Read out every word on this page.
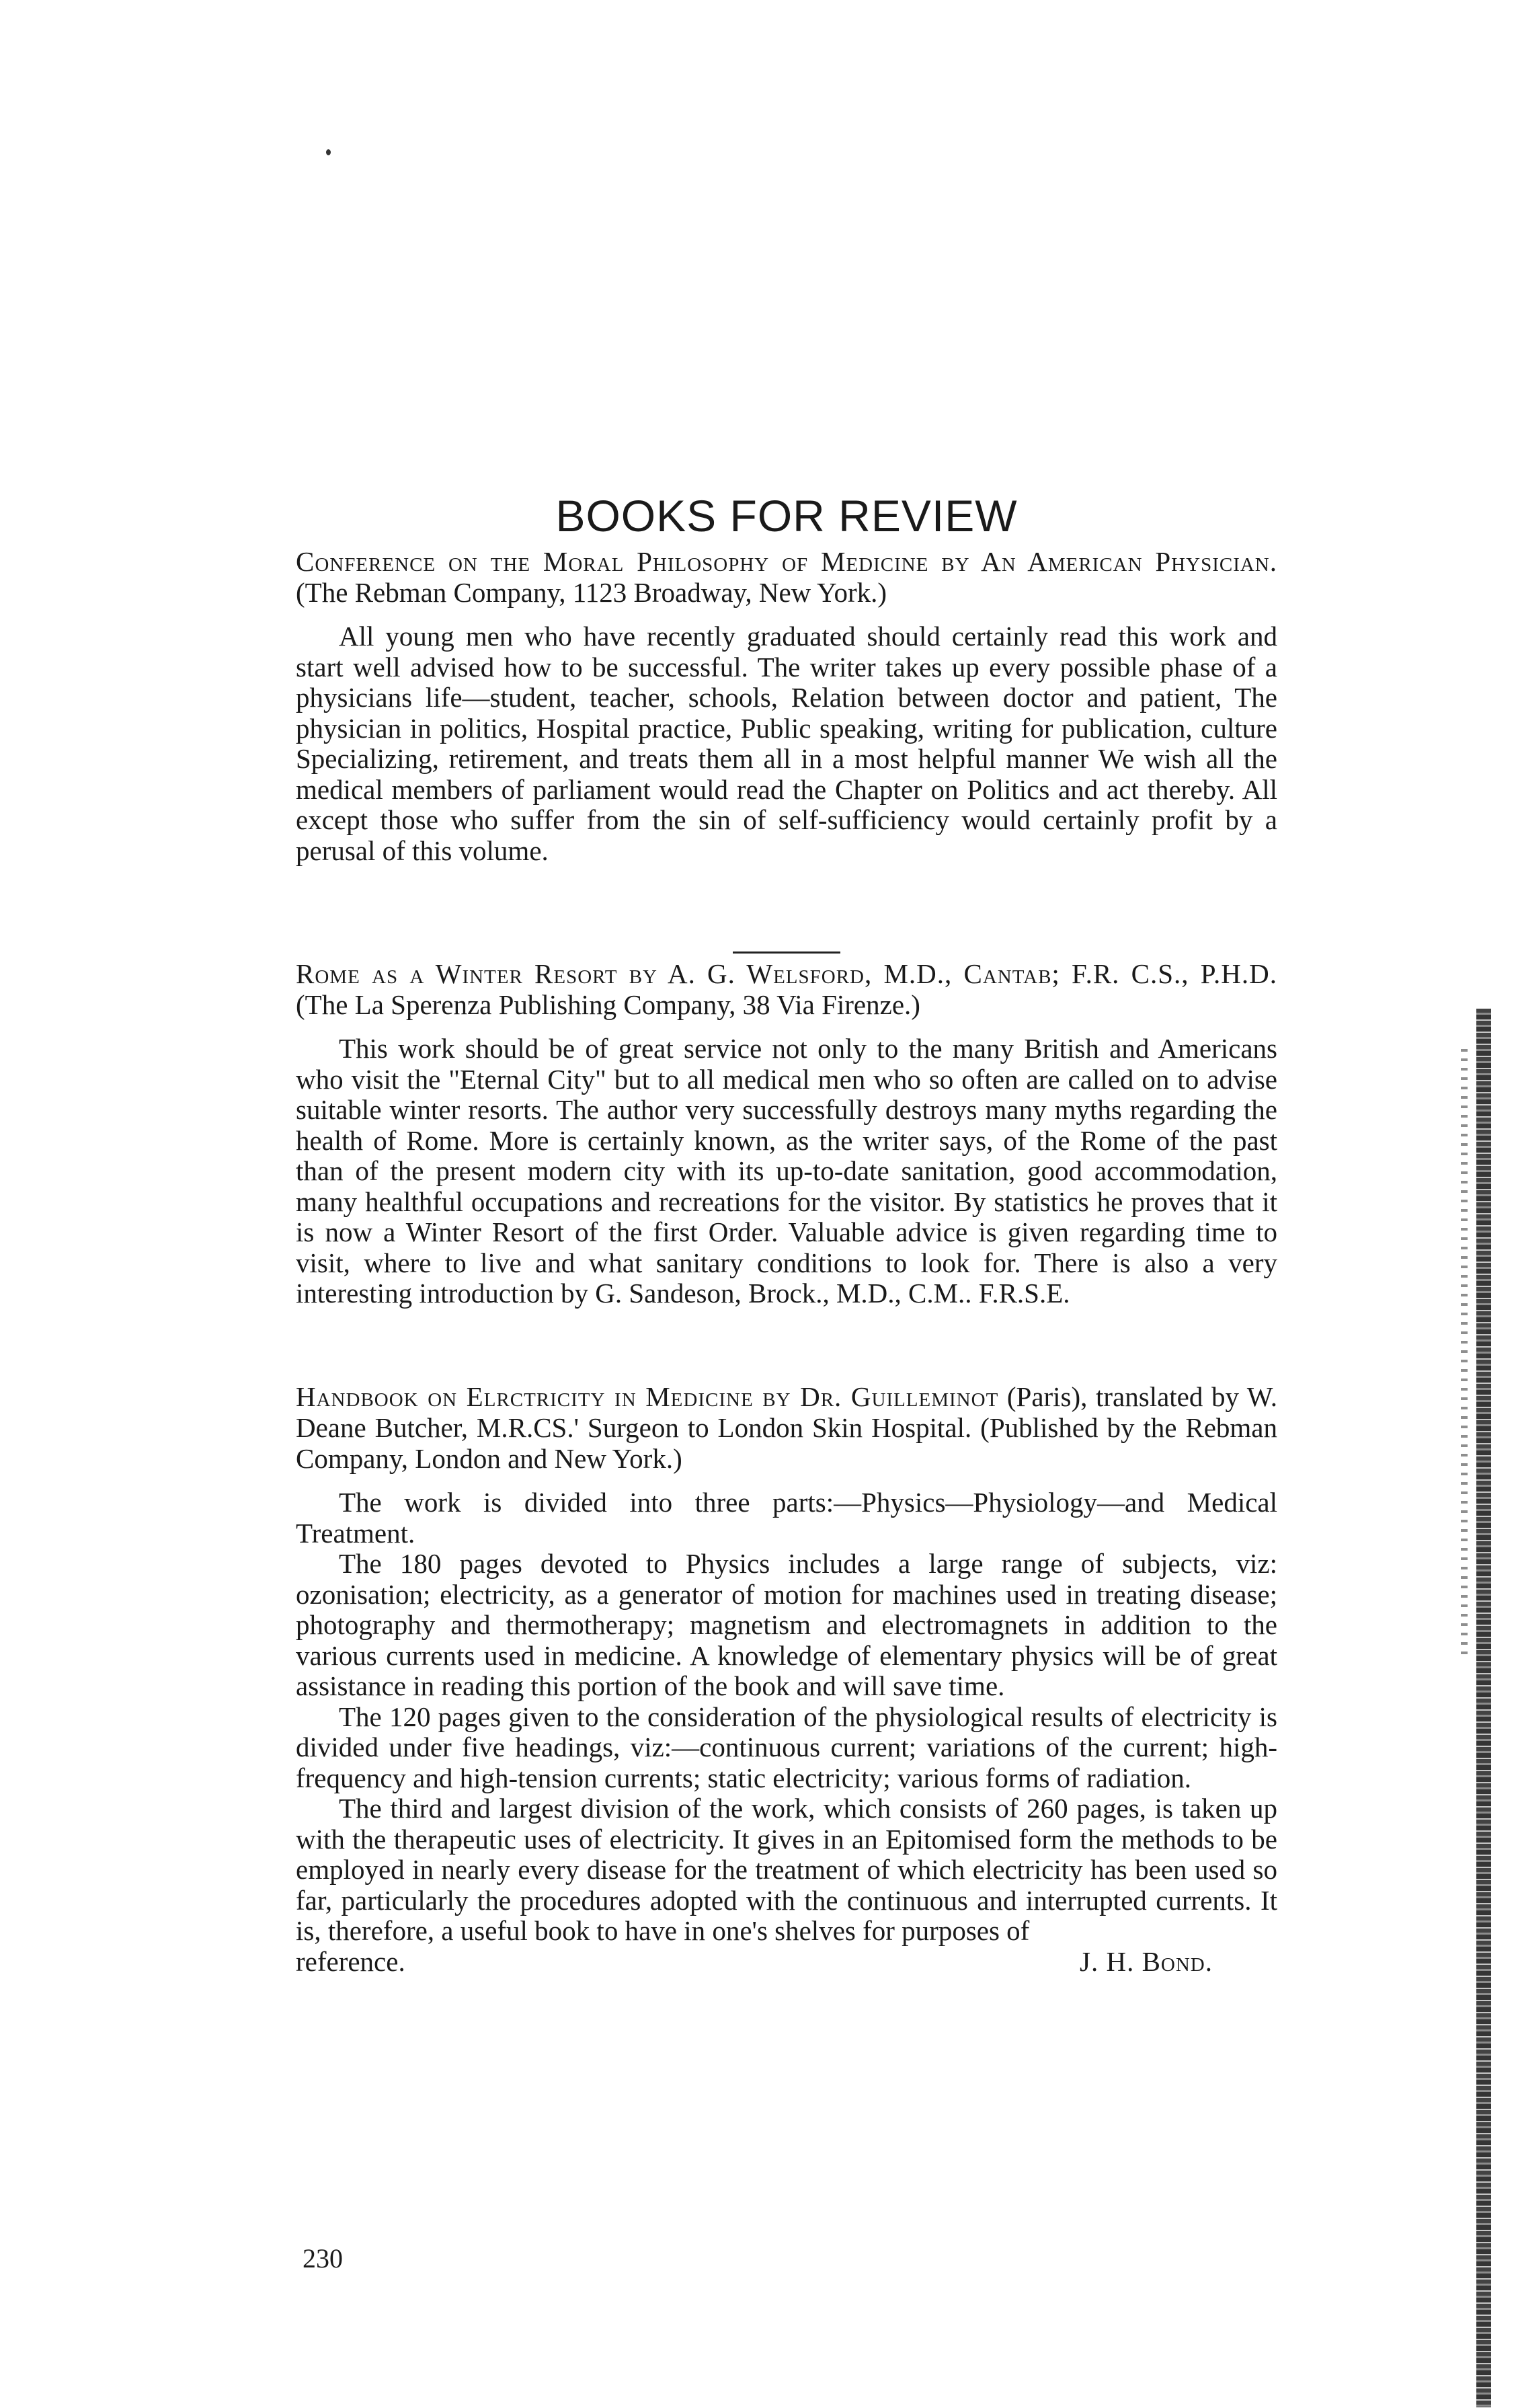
BOOKS FOR REVIEW

Conference on the Moral Philosophy of Medicine by An American Physician. (The Rebman Company, 1123 Broadway, New York.)

All young men who have recently graduated should certainly read this work and start well advised how to be successful. The writer takes up every possible phase of a physicians life—student, teacher, schools, Relation between doctor and patient, The physician in politics, Hospital practice, Public speaking, writing for publication, culture Specializing, retirement, and treats them all in a most helpful manner We wish all the medical members of parliament would read the Chapter on Politics and act thereby. All except those who suffer from the sin of self-sufficiency would certainly profit by a perusal of this volume.

Rome as a Winter Resort by A. G. Welsford, M.D., Cantab; F.R. C.S., P.H.D. (The La Sperenza Publishing Company, 38 Via Firenze.)

This work should be of great service not only to the many British and Americans who visit the "Eternal City" but to all medical men who so often are called on to advise suitable winter resorts. The author very successfully destroys many myths regarding the health of Rome. More is certainly known, as the writer says, of the Rome of the past than of the present modern city with its up-to-date sanitation, good accommodation, many healthful occupations and recreations for the visitor. By statistics he proves that it is now a Winter Resort of the first Order. Valuable advice is given regarding time to visit, where to live and what sanitary conditions to look for. There is also a very interesting introduction by G. Sandeson, Brock., M.D., C.M.. F.R.S.E.

Handbook on Elrctricity in Medicine by Dr. Guilleminot (Paris), translated by W. Deane Butcher, M.R.CS.' Surgeon to London Skin Hospital. (Published by the Rebman Company, London and New York.)

The work is divided into three parts:—Physics—Physiology—and Medical Treatment.

The 180 pages devoted to Physics includes a large range of subjects, viz: ozonisation; electricity, as a generator of motion for machines used in treating disease; photography and thermotherapy; magnetism and electromagnets in addition to the various currents used in medicine. A knowledge of elementary physics will be of great assistance in reading this portion of the book and will save time.

The 120 pages given to the consideration of the physiological results of electricity is divided under five headings, viz:—continuous current; variations of the current; high-frequency and high-tension currents; static electricity; various forms of radiation.

The third and largest division of the work, which consists of 260 pages, is taken up with the therapeutic uses of electricity. It gives in an Epitomised form the methods to be employed in nearly every disease for the treatment of which electricity has been used so far, particularly the procedures adopted with the continuous and interrupted currents. It is, therefore, a useful book to have in one's shelves for purposes of

reference.	J. H. Bond.
230
